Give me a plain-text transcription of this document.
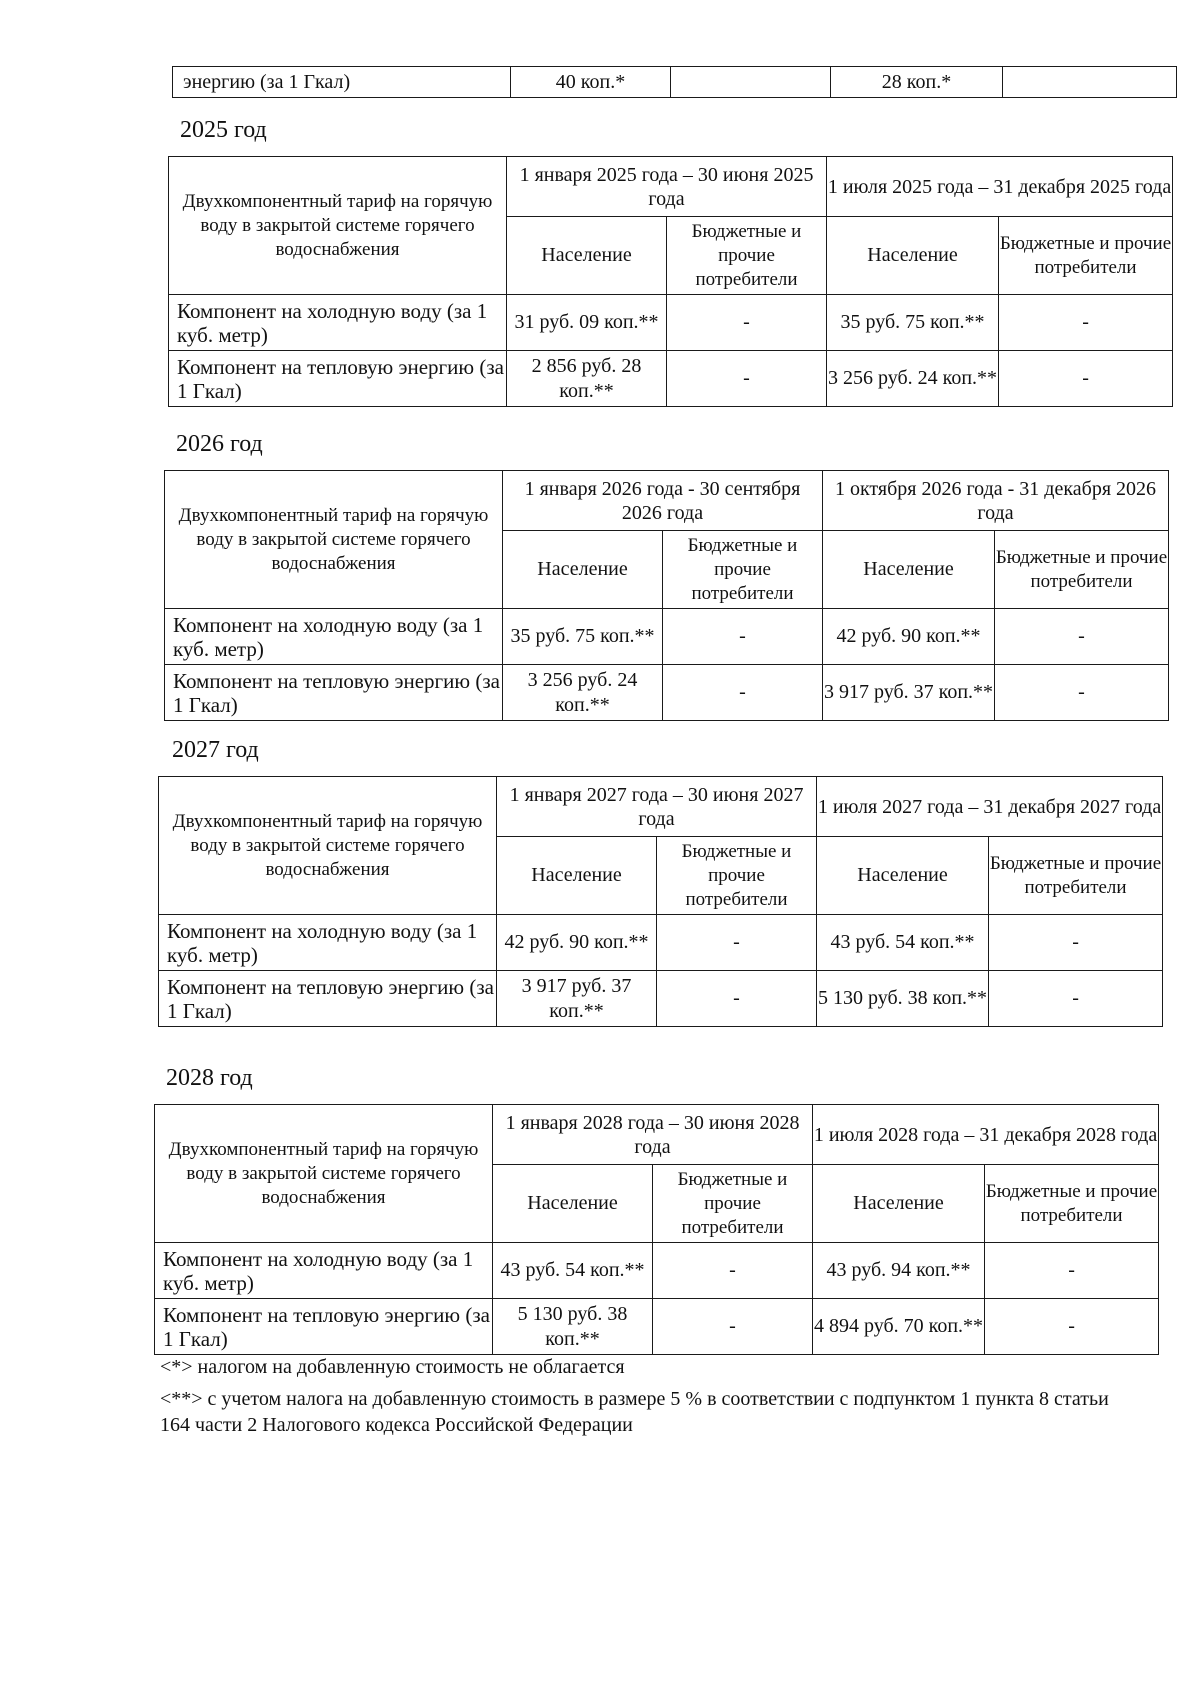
энергию (за 1 Гкал)	40 коп.*		28 коп.*	
2025 год
Двухкомпонентный тариф на горячую воду в закрытой системе горячего водоснабжения	1 января 2025 года – 30 июня 2025 года		1 июля 2025 года – 31 декабря 2025 года	
	Население	Бюджетные и прочие потребители	Население	Бюджетные и прочие потребители
Компонент на холодную воду (за 1 куб. метр)	31 руб. 09 коп.**	-	35 руб. 75 коп.**	-
Компонент на тепловую энергию (за 1 Гкал)	2 856 руб. 28 коп.**	-	3 256 руб. 24 коп.**	-
2026 год
Двухкомпонентный тариф на горячую воду в закрытой системе горячего водоснабжения	1 января 2026 года - 30 сентября 2026 года		1 октября 2026 года - 31 декабря 2026 года	
	Население	Бюджетные и прочие потребители	Население	Бюджетные и прочие потребители
Компонент на холодную воду (за 1 куб. метр)	35 руб. 75 коп.**	-	42 руб. 90 коп.**	-
Компонент на тепловую энергию (за 1 Гкал)	3 256 руб. 24 коп.**	-	3 917 руб. 37 коп.**	-
2027 год
Двухкомпонентный тариф на горячую воду в закрытой системе горячего водоснабжения	1 января 2027 года – 30 июня 2027 года		1 июля 2027 года – 31 декабря 2027 года	
	Население	Бюджетные и прочие потребители	Население	Бюджетные и прочие потребители
Компонент на холодную воду (за 1 куб. метр)	42 руб. 90 коп.**	-	43 руб. 54 коп.**	-
Компонент на тепловую энергию (за 1 Гкал)	3 917 руб. 37 коп.**	-	5 130 руб. 38 коп.**	-
2028 год
Двухкомпонентный тариф на горячую воду в закрытой системе горячего водоснабжения	1 января 2028 года – 30 июня 2028 года		1 июля 2028 года – 31 декабря 2028 года	
	Население	Бюджетные и прочие потребители	Население	Бюджетные и прочие потребители
Компонент на холодную воду (за 1 куб. метр)	43 руб. 54 коп.**	-	43 руб. 94 коп.**	-
Компонент на тепловую энергию (за 1 Гкал)	5 130 руб. 38 коп.**	-	4 894 руб. 70 коп.**	-
<*> налогом на добавленную стоимость не облагается
<**> с учетом налога на добавленную стоимость в размере 5 % в соответствии с подпунктом 1 пункта 8 статьи 164 части 2 Налогового кодекса Российской Федерации
